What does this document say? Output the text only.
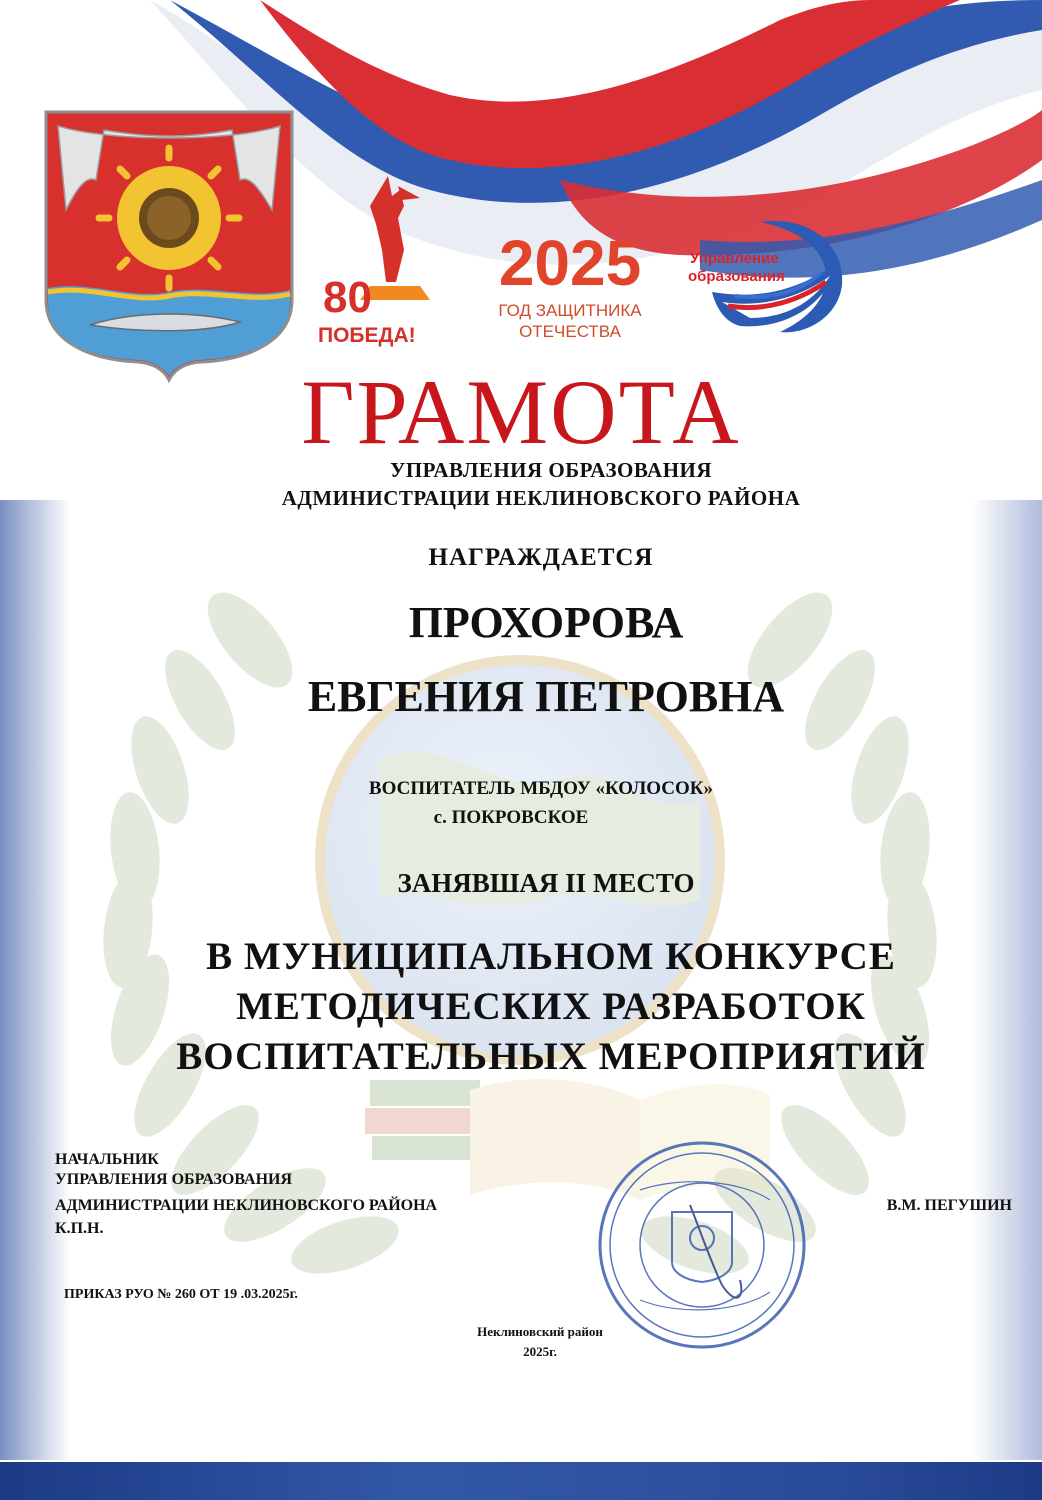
80
ПОБЕДА!
2025
ГОД ЗАЩИТНИКА
ОТЕЧЕСТВА
Управление
образования
ГРАМОТА
УПРАВЛЕНИЯ ОБРАЗОВАНИЯ
АДМИНИСТРАЦИИ НЕКЛИНОВСКОГО РАЙОНА
НАГРАЖДАЕТСЯ
ПРОХОРОВА
ЕВГЕНИЯ ПЕТРОВНА
ВОСПИТАТЕЛЬ МБДОУ «КОЛОСОК»
с. ПОКРОВСКОЕ
ЗАНЯВШАЯ II МЕСТО
В МУНИЦИПАЛЬНОМ КОНКУРСЕ
МЕТОДИЧЕСКИХ РАЗРАБОТОК
ВОСПИТАТЕЛЬНЫХ МЕРОПРИЯТИЙ
НАЧАЛЬНИК
УПРАВЛЕНИЯ ОБРАЗОВАНИЯ
АДМИНИСТРАЦИИ НЕКЛИНОВСКОГО РАЙОНА
К.П.Н.
В.М. ПЕГУШИН
ПРИКАЗ РУО № 260 ОТ 19 .03.2025г.
Неклиновский район
2025г.
